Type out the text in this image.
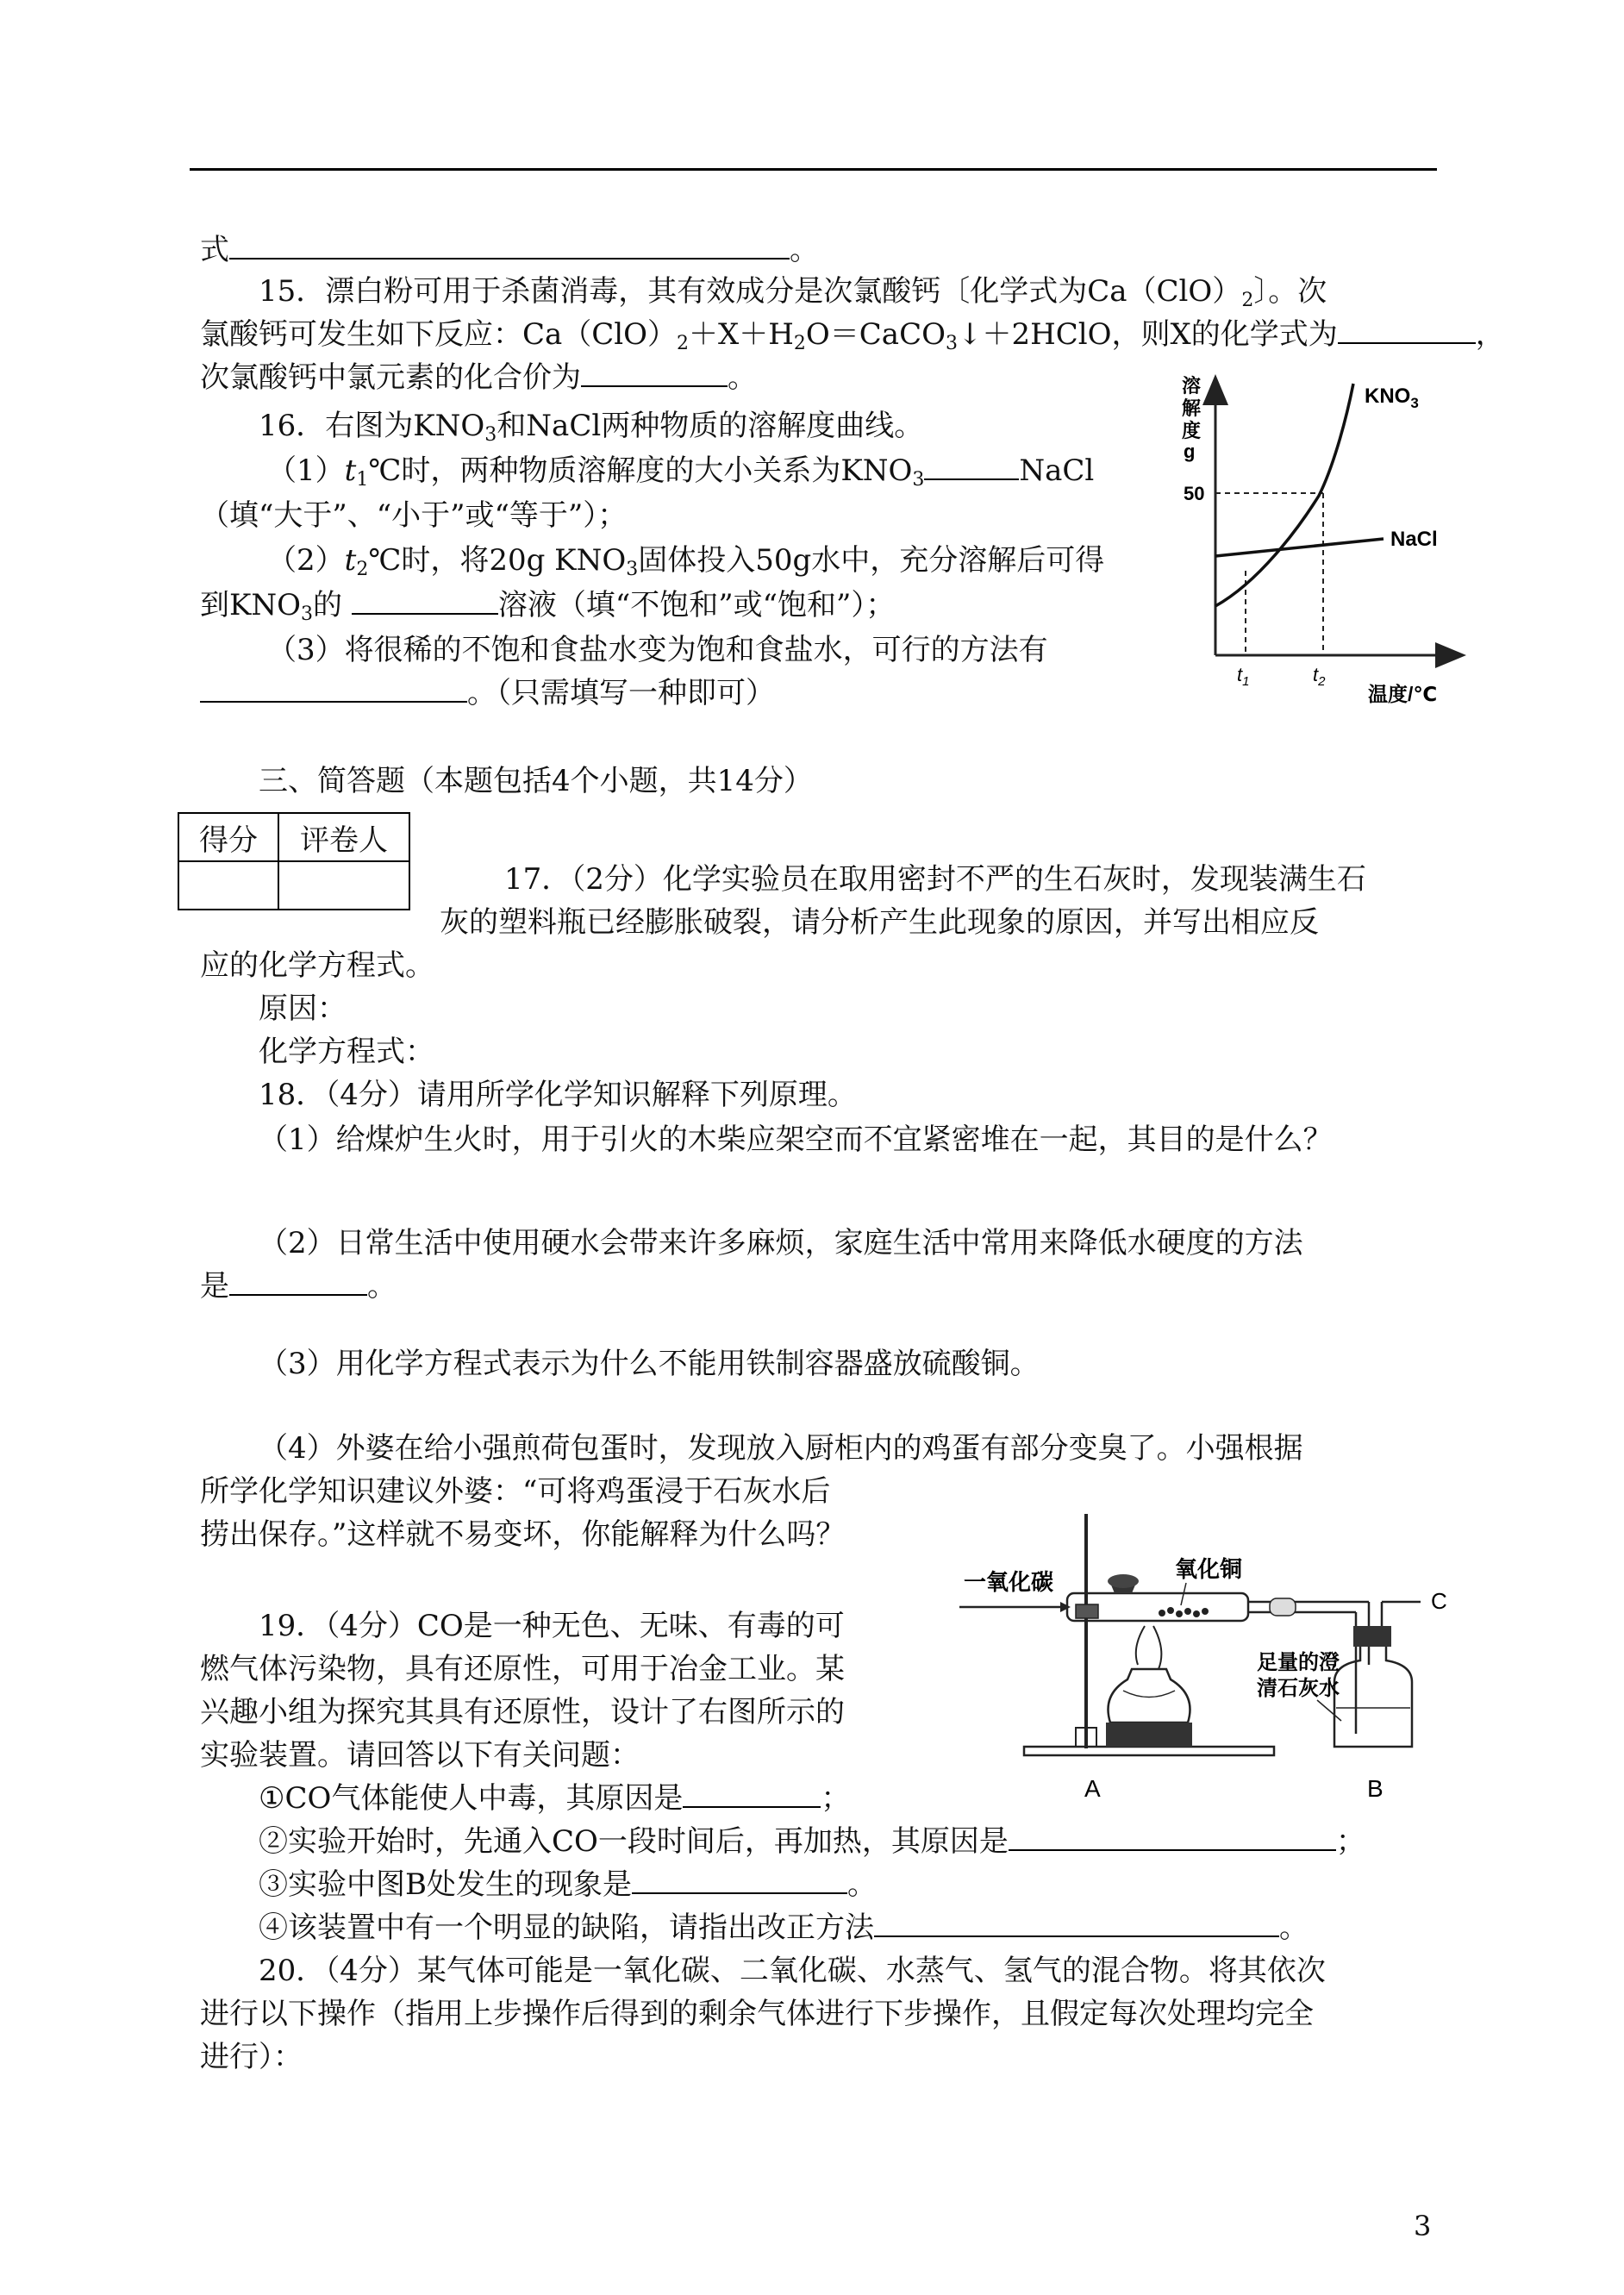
式	。
15．漂白粉可用于杀菌消毒，其有效成分是次氯酸钙〔化学式为$Ca(ClO)_2$〕。次
氯酸钙可发生如下反应：$Ca(ClO)_2+X+H_2O=CaCO_3↓+2HClO$，则X的化学式为	，
次氯酸钙中氯元素的化合价为	。
16．右图为$KNO_3$和NaCl两种物质的溶解度曲线。
$(1)t_1℃$时，两种物质溶解度的大小关系为$KNO_3$	NaCl
（填“大于”、“小于”或“等于”）；
$(2)t_2℃$时，将20g $KNO_3$固体投入50g水中，充分溶解后可得
到$KNO_3$的	溶液（填“不饱和”或“饱和”）；
（3）将很稀的不饱和食盐水变为饱和食盐水，可行的方法有
。（只需填写一种即可）
溶
解
度
g
50
$KNO_3$
NaCl
$t_1$	$t_2$
温度/℃
三、简答题（本题包括4个小题，共14分）
得分	评卷人

17．（2分）化学实验员在取用密封不严的生石灰时，发现装满生石
灰的塑料瓶已经膨胀破裂，请分析产生此现象的原因，并写出相应反
应的化学方程式。
原因：
化学方程式：
18．（4分）请用所学化学知识解释下列原理。
（1）给煤炉生火时，用于引火的木柴应架空而不宜紧密堆在一起，其目的是什么？
（2）日常生活中使用硬水会带来许多麻烦，家庭生活中常用来降低水硬度的方法
是	。
（3）用化学方程式表示为什么不能用铁制容器盛放硫酸铜。
（4）外婆在给小强煎荷包蛋时，发现放入厨柜内的鸡蛋有部分变臭了。小强根据
所学化学知识建议外婆：“可将鸡蛋浸于石灰水后
捞出保存。”这样就不易变坏，你能解释为什么吗？
19．（4分）CO是一种无色、无味、有毒的可
燃气体污染物，具有还原性，可用于冶金工业。某
兴趣小组为探究其具有还原性，设计了右图所示的
实验装置。请回答以下有关问题：
①CO气体能使人中毒，其原因是	；
②实验开始时，先通入CO一段时间后，再加热，其原因是	；
③实验中图B处发生的现象是	。
④该装置中有一个明显的缺陷，请指出改正方法	。
一氧化碳	氧化铜
C
足量的澄
清石灰水
A	B
20．（4分）某气体可能是一氧化碳、二氧化碳、水蒸气、氢气的混合物。将其依次
进行以下操作（指用上步操作后得到的剩余气体进行下步操作，且假定每次处理均完全
进行）：
3
